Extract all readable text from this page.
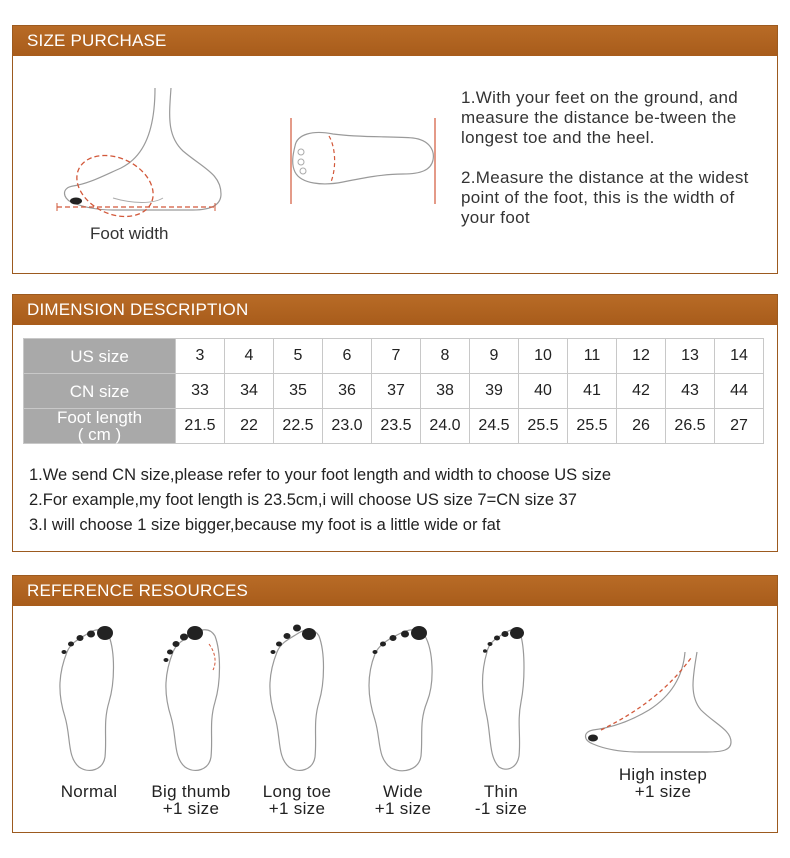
SIZE PURCHASE
Foot width

1.With your feet on the ground, and measure the distance be-tween the longest toe and the heel.

2.Measure the distance at the widest point of the foot, this is the width of your foot

DIMENSION DESCRIPTION
US size	3	4	5	6	7	8	9	10	11	12	13	14
CN size	33	34	35	36	37	38	39	40	41	42	43	44

Foot length
( cm )	21.5	22	22.5	23.0	23.5	24.0	24.5	25.5	25.5	26	26.5	27
1.We send CN size,please refer to your foot length and width to choose US size
2.For example,my foot length is 23.5cm,i will choose US size 7=CN size 37
3.I will choose 1 size bigger,because my foot is a little wide or fat
REFERENCE RESOURCES
Normal	Big thumb
+1 size
Long toe
+1 size
Wide
+1 size
Thin
-1 size
High instep
+1 size
